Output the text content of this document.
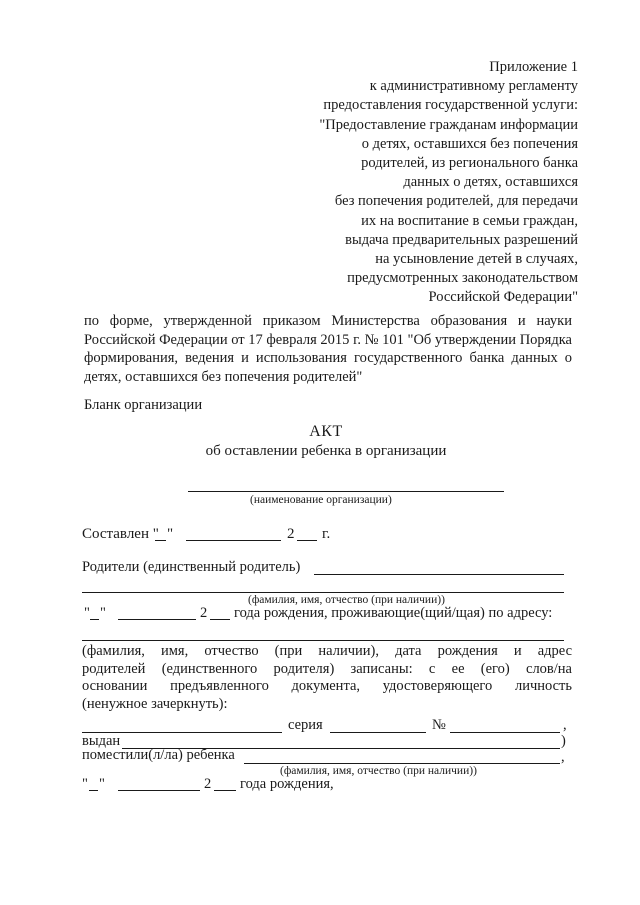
Приложение 1
к административному регламенту
предоставления государственной услуги:
"Предоставление гражданам информации
о детях, оставшихся без попечения
родителей, из регионального банка
данных о детях, оставшихся
без попечения родителей, для передачи
их на воспитание в семьи граждан,
выдача предварительных разрешений
на усыновление детей в случаях,
предусмотренных законодательством
Российской Федерации"
по форме, утвержденной приказом Министерства образования и науки Российской Федерации от 17 февраля 2015 г. № 101 "Об утверждении Порядка формирования, ведения и использования государственного банка данных о детях, оставшихся без попечения родителей"
Бланк организации
АКТ
об оставлении ребенка в организации
(наименование организации)
Составлен " "	2 г.
Родители (единственный родитель)
(фамилия, имя, отчество (при наличии))
" "	2 года рождения, проживающие(щий/щая) по адресу:
(фамилия, имя, отчество (при наличии), дата рождения и адрес
родителей (единственного родителя) записаны: с ее (его) слов/на
основании предъявленного документа, удостоверяющего личность
(ненужное зачеркнуть):
серия	№	,
выдан	)
поместили(л/ла) ребенка	,
(фамилия, имя, отчество (при наличии))
" "	2 года рождения,
